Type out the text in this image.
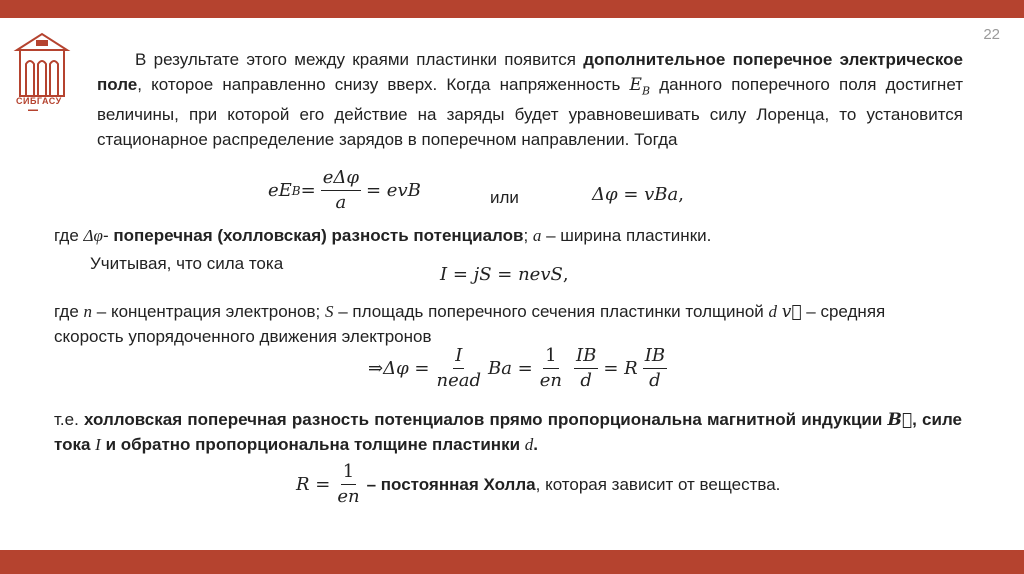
22
СИБГАСУ
▬▬
В результате этого между краями пластинки появится дополнительное поперечное электрическое поле, которое направленно снизу вверх. Когда напряженность $E_B$ данного поперечного поля достигнет величины, при которой его действие на заряды будет уравновешивать силу Лоренца, то установится стационарное распределение зарядов в поперечном направлении. Тогда
eE $B = \frac{\text{eΔφ}}{a}$ = evB	или	Δφ = vBa ,
где Δφ- поперечная (холловская) разность потенциалов; a – ширина пластинки.
Учитывая, что сила тока
I = jS = nevS ,
где n – концентрация электронов; S – площадь поперечного сечения пластинки толщиной d v⃗ – средняя скорость упорядоченного движения электронов
⇒ $\Delta\varphi = \frac{I}{\text{nead}}$ $Ba = \frac{1}{en} \frac{IB}{d} = R \frac{IB}{d}$
т.е. холловская поперечная разность потенциалов прямо пропорциональна магнитной индукции B⃗, силе тока I и обратно пропорциональна толщине пластинки d.
$R = \frac{1}{en}$ – постоянная Холла, которая зависит от вещества.
